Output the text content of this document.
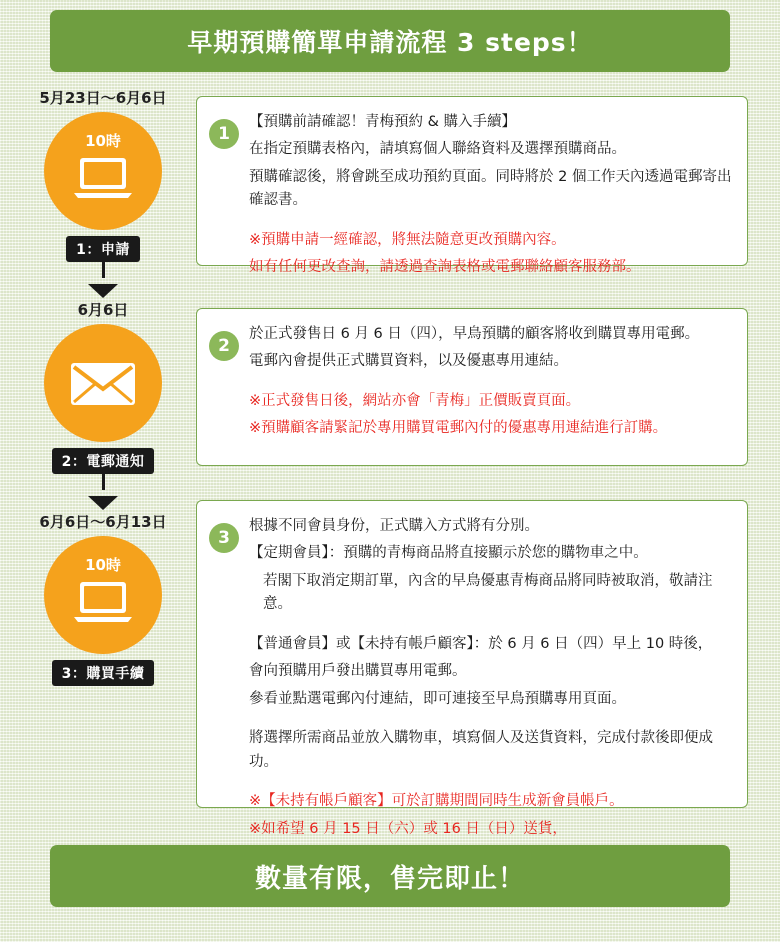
早期預購簡單申請流程 3 steps！
5月23日〜6月6日
10時
1：申請
6月6日
2：電郵通知
6月6日〜6月13日
10時
3：購買手續
1

【預購前請確認！青梅預約 & 購入手續】

在指定預購表格內，請填寫個人聯絡資料及選擇預購商品。

預購確認後，將會跳至成功預約頁面。同時將於 2 個工作天內透過電郵寄出確認書。

※預購申請一經確認，將無法隨意更改預購內容。

如有任何更改查詢，請透過查詢表格或電郵聯絡顧客服務部。

2

於正式發售日 6 月 6 日（四），早鳥預購的顧客將收到購買專用電郵。

電郵內會提供正式購買資料，以及優惠專用連結。

※正式發售日後，網站亦會「青梅」正價販賣頁面。

※預購顧客請緊記於專用購買電郵內付的優惠專用連結進行訂購。

3

根據不同會員身份，正式購入方式將有分別。

【定期會員】：預購的青梅商品將直接顯示於您的購物車之中。

若閣下取消定期訂單，內含的早鳥優惠青梅商品將同時被取消，敬請注意。

【普通會員】或【未持有帳戶顧客】：於 6 月 6 日（四）早上 10 時後，

會向預購用戶發出購買專用電郵。

參看並點選電郵內付連結，即可連接至早鳥預購專用頁面。

將選擇所需商品並放入購物車，填寫個人及送貨資料，完成付款後即便成功。

※【未持有帳戶顧客】可於訂購期間同時生成新會員帳戶。

※如希望 6 月 15 日（六）或 16 日（日）送貨，

數量有限，售完即止！
